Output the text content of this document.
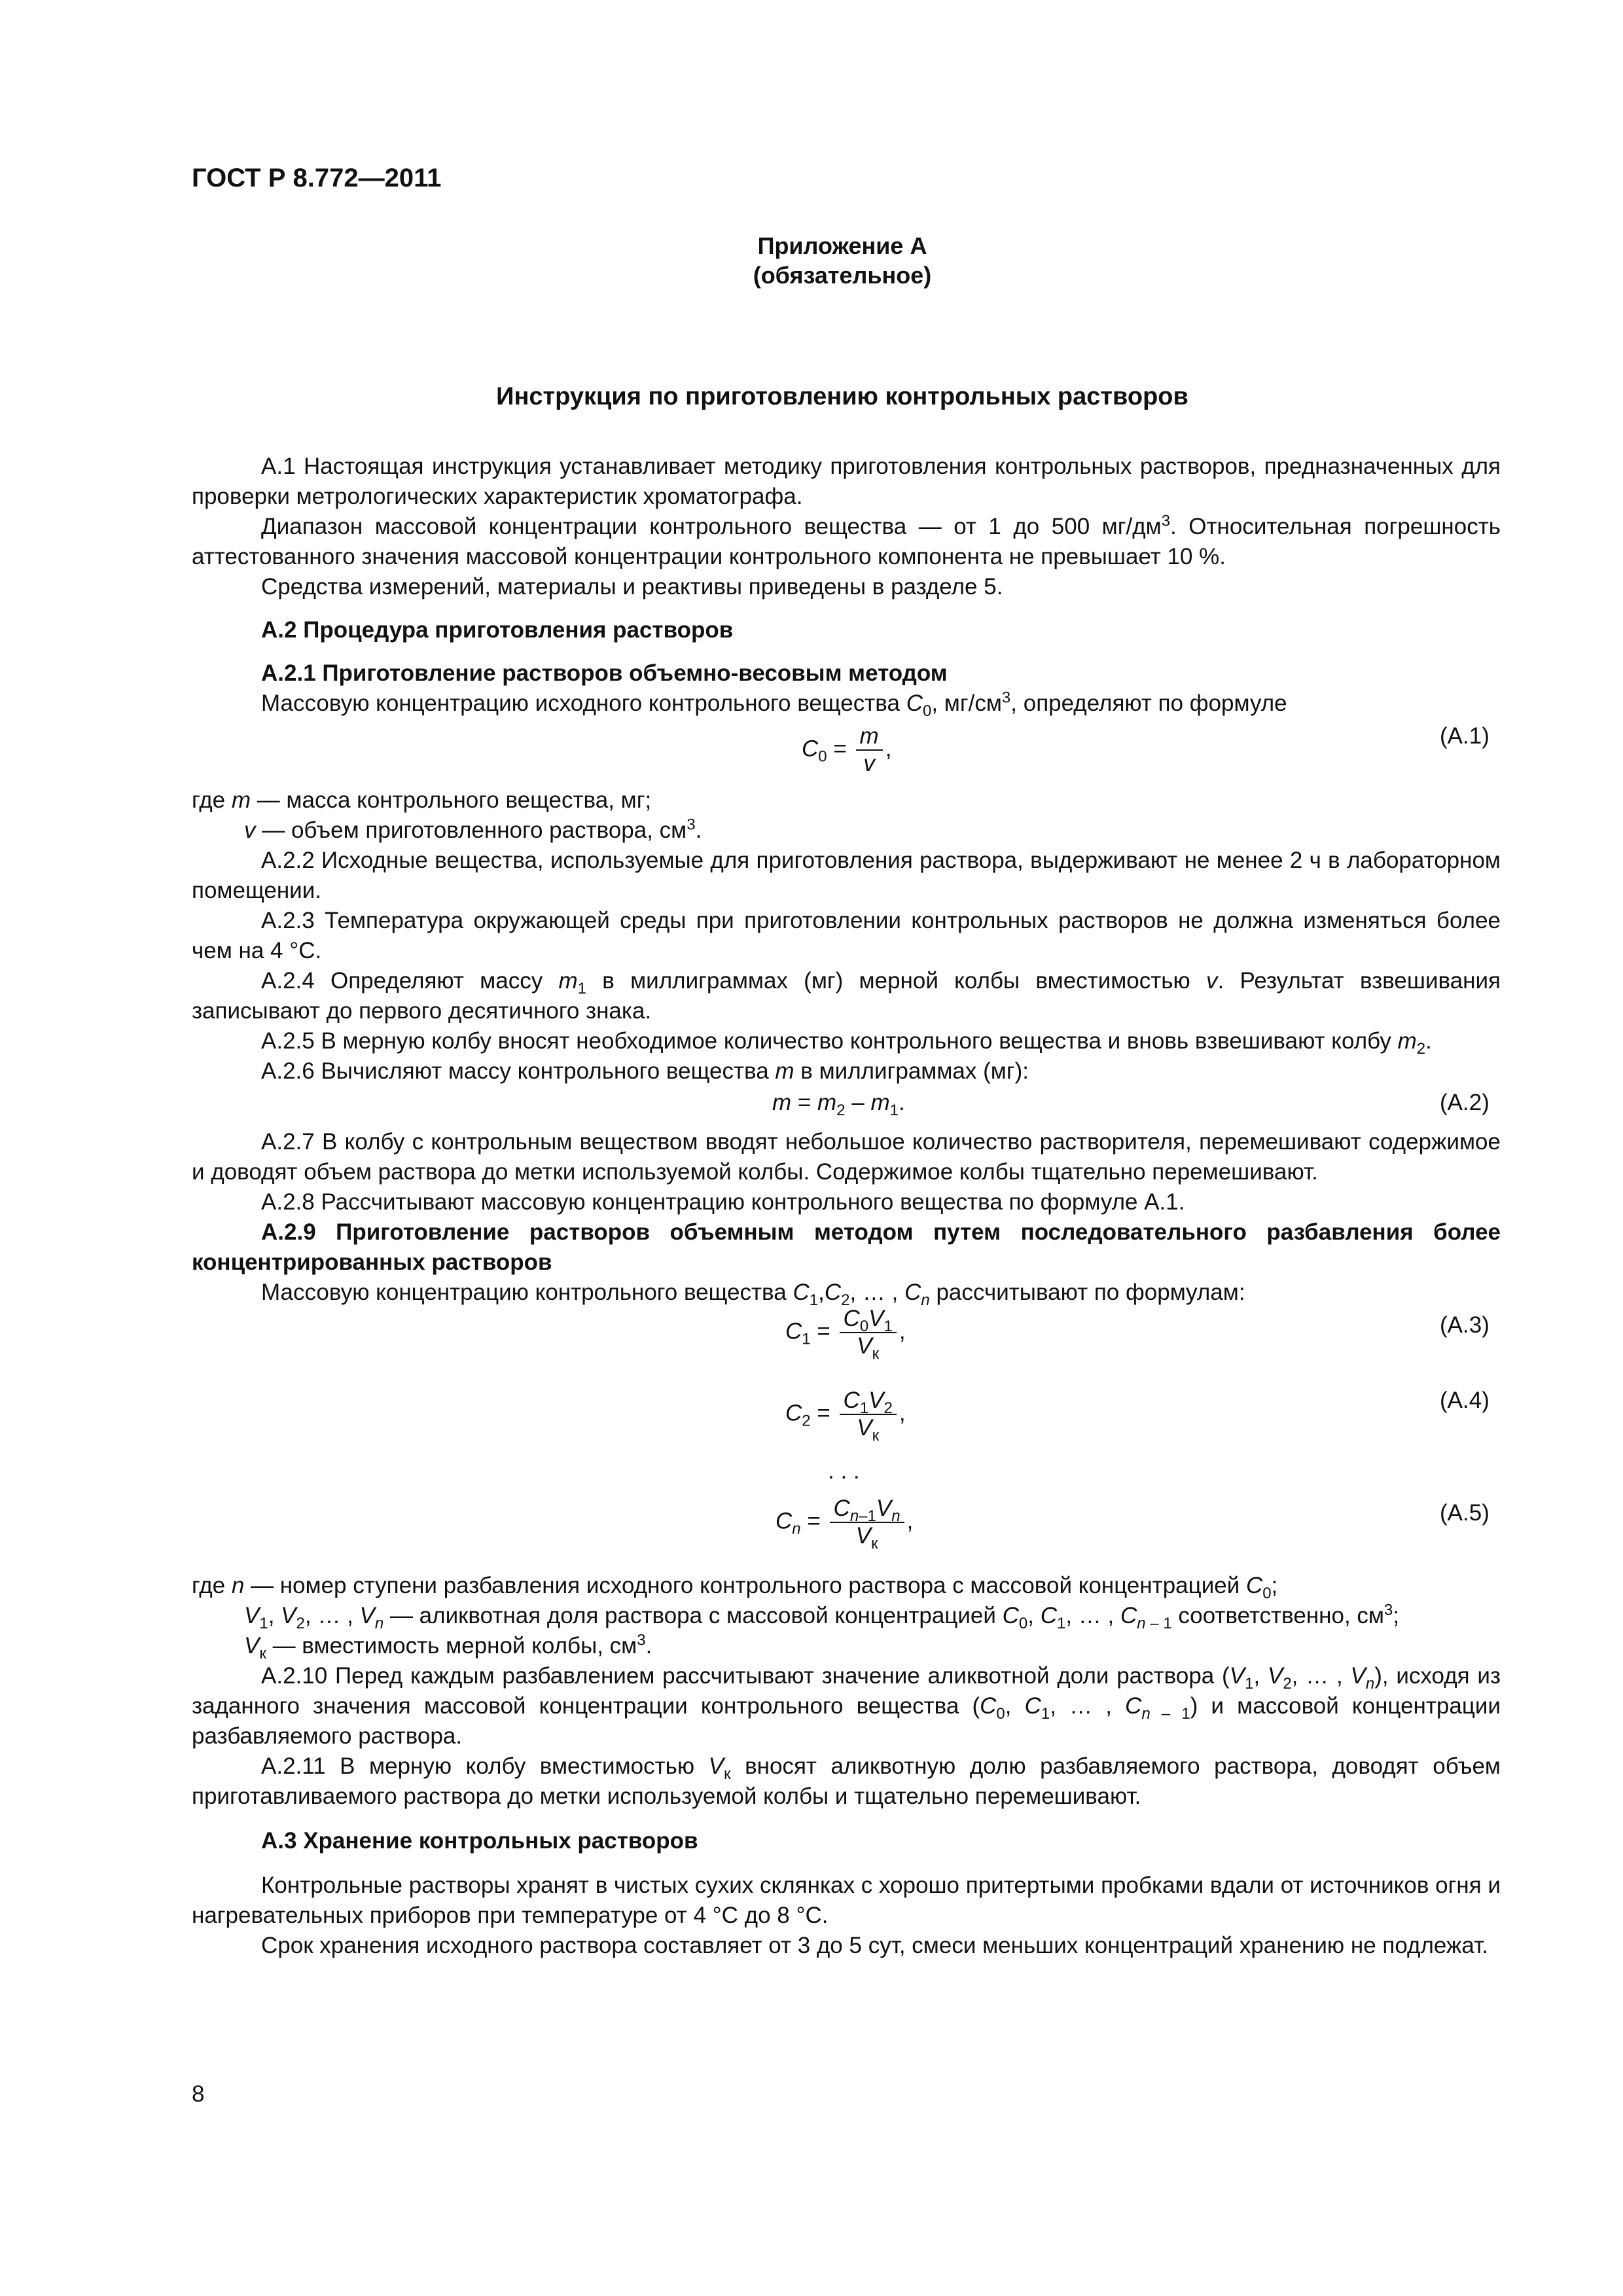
ГОСТ Р 8.772—2011
Приложение А
(обязательное)
Инструкция по приготовлению контрольных растворов

А.1 Настоящая инструкция устанавливает методику приготовления контрольных растворов, предназначенных для проверки метрологических характеристик хроматографа.

Диапазон массовой концентрации контрольного вещества — от 1 до 500 $мг/дм^3$. Относительная погрешность аттестованного значения массовой концентрации контрольного компонента не превышает 10 %.

Средства измерений, материалы и реактивы приведены в разделе 5.

А.2 Процедура приготовления растворов

А.2.1 Приготовление растворов объемно-весовым методом

Массовую концентрацию исходного контрольного вещества $C_0$, $мг/см^3$, определяют по формуле

$C_0 = \frac{m}{v}$ ,	(А.1)

где m — масса контрольного вещества, мг;

v — объем приготовленного раствора, $см^3$.

А.2.2 Исходные вещества, используемые для приготовления раствора, выдерживают не менее 2 ч в лабораторном помещении.

А.2.3 Температура окружающей среды при приготовлении контрольных растворов не должна изменяться более чем на 4 °С.

А.2.4 Определяют массу $m_1$ в миллиграммах (мг) мерной колбы вместимостью v. Результат взвешивания записывают до первого десятичного знака.

А.2.5 В мерную колбу вносят необходимое количество контрольного вещества и вновь взвешивают колбу $m_2$.

А.2.6 Вычисляют массу контрольного вещества m в миллиграммах (мг):

$m = m_2 - m_1$.	(А.2)

А.2.7 В колбу с контрольным веществом вводят небольшое количество растворителя, перемешивают содержимое и доводят объем раствора до метки используемой колбы. Содержимое колбы тщательно перемешивают.

А.2.8 Рассчитывают массовую концентрацию контрольного вещества по формуле А.1.

А.2.9 Приготовление растворов объемным методом путем последовательного разбавления более концентрированных растворов

Массовую концентрацию контрольного вещества $C_1,C_2$, … , $C_n$ рассчитывают по формулам:

$C_1 = \frac{C_0V_1}{V_к}$ ,	(А.3)
$C_2 = \frac{C_1V_2}{V_к}$ ,	(А.4)
. . .
$C_n = \frac{C_{n-1}V_n}{V_к}$ ,	(А.5)

где n — номер ступени разбавления исходного контрольного раствора с массовой концентрацией $C_0$;

$V_1$, $V_2$, … , $V_n$ — аликвотная доля раствора с массовой концентрацией $C_0$, $C_1$, … , $C_{n - 1}$ соответственно, $см^3$;

$V_к$ — вместимость мерной колбы, $см^3$.

А.2.10 Перед каждым разбавлением рассчитывают значение аликвотной доли раствора ($V_1$, $V_2$, … , $V_n$), исходя из заданного значения массовой концентрации контрольного вещества ($C_0$, $C_1$, … , $C_{n - 1}$) и массовой концентрации разбавляемого раствора.

А.2.11 В мерную колбу вместимостью $V_к$ вносят аликвотную долю разбавляемого раствора, доводят объем приготавливаемого раствора до метки используемой колбы и тщательно перемешивают.

А.3 Хранение контрольных растворов

Контрольные растворы хранят в чистых сухих склянках с хорошо притертыми пробками вдали от источников огня и нагревательных приборов при температуре от 4 °С до 8 °С.

Срок хранения исходного раствора составляет от 3 до 5 сут, смеси меньших концентраций хранению не подлежат.

8
